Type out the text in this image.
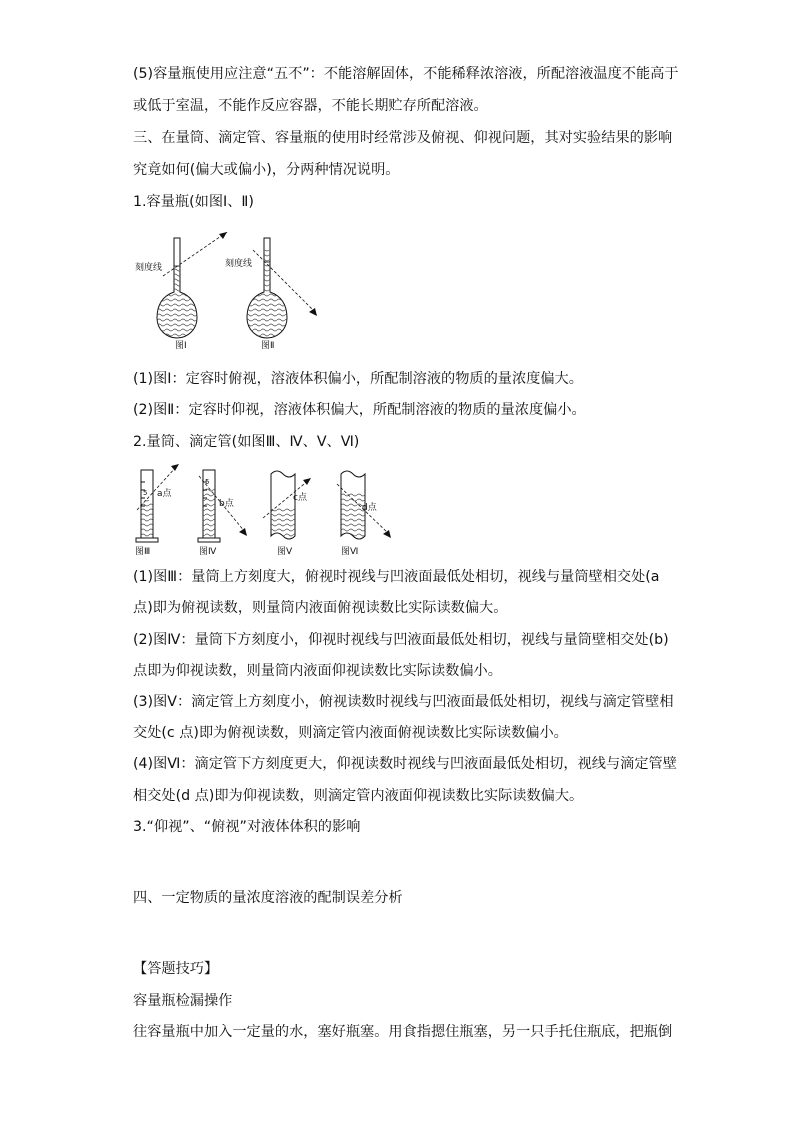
(5)容量瓶使用应注意“五不”：不能溶解固体，不能稀释浓溶液，所配溶液温度不能高于
或低于室温，不能作反应容器，不能长期贮存所配溶液。
三、在量筒、滴定管、容量瓶的使用时经常涉及俯视、仰视问题，其对实验结果的影响
究竟如何(偏大或偏小)，分两种情况说明。
1.容量瓶(如图Ⅰ、Ⅱ)
刻度线
图Ⅰ
刻度线
图Ⅱ
(1)图Ⅰ：定容时俯视，溶液体积偏小，所配制溶液的物质的量浓度偏大。
(2)图Ⅱ：定容时仰视，溶液体积偏大，所配制溶液的物质的量浓度偏小。
2.量筒、滴定管(如图Ⅲ、Ⅳ、Ⅴ、Ⅵ)
5 a点
图Ⅲ
5
b点
图Ⅳ
c点
图Ⅴ
d点
图Ⅵ
(1)图Ⅲ：量筒上方刻度大，俯视时视线与凹液面最低处相切，视线与量筒壁相交处(a
点)即为俯视读数，则量筒内液面俯视读数比实际读数偏大。
(2)图Ⅳ：量筒下方刻度小，仰视时视线与凹液面最低处相切，视线与量筒壁相交处(b)
点即为仰视读数，则量筒内液面仰视读数比实际读数偏小。
(3)图Ⅴ：滴定管上方刻度小，俯视读数时视线与凹液面最低处相切，视线与滴定管壁相
交处(c 点)即为俯视读数，则滴定管内液面俯视读数比实际读数偏小。
(4)图Ⅵ：滴定管下方刻度更大，仰视读数时视线与凹液面最低处相切，视线与滴定管壁
相交处(d 点)即为仰视读数，则滴定管内液面仰视读数比实际读数偏大。
3.“仰视”、“俯视”对液体体积的影响
四、一定物质的量浓度溶液的配制误差分析
【答题技巧】
容量瓶检漏操作
往容量瓶中加入一定量的水，塞好瓶塞。用食指摁住瓶塞，另一只手托住瓶底，把瓶倒
